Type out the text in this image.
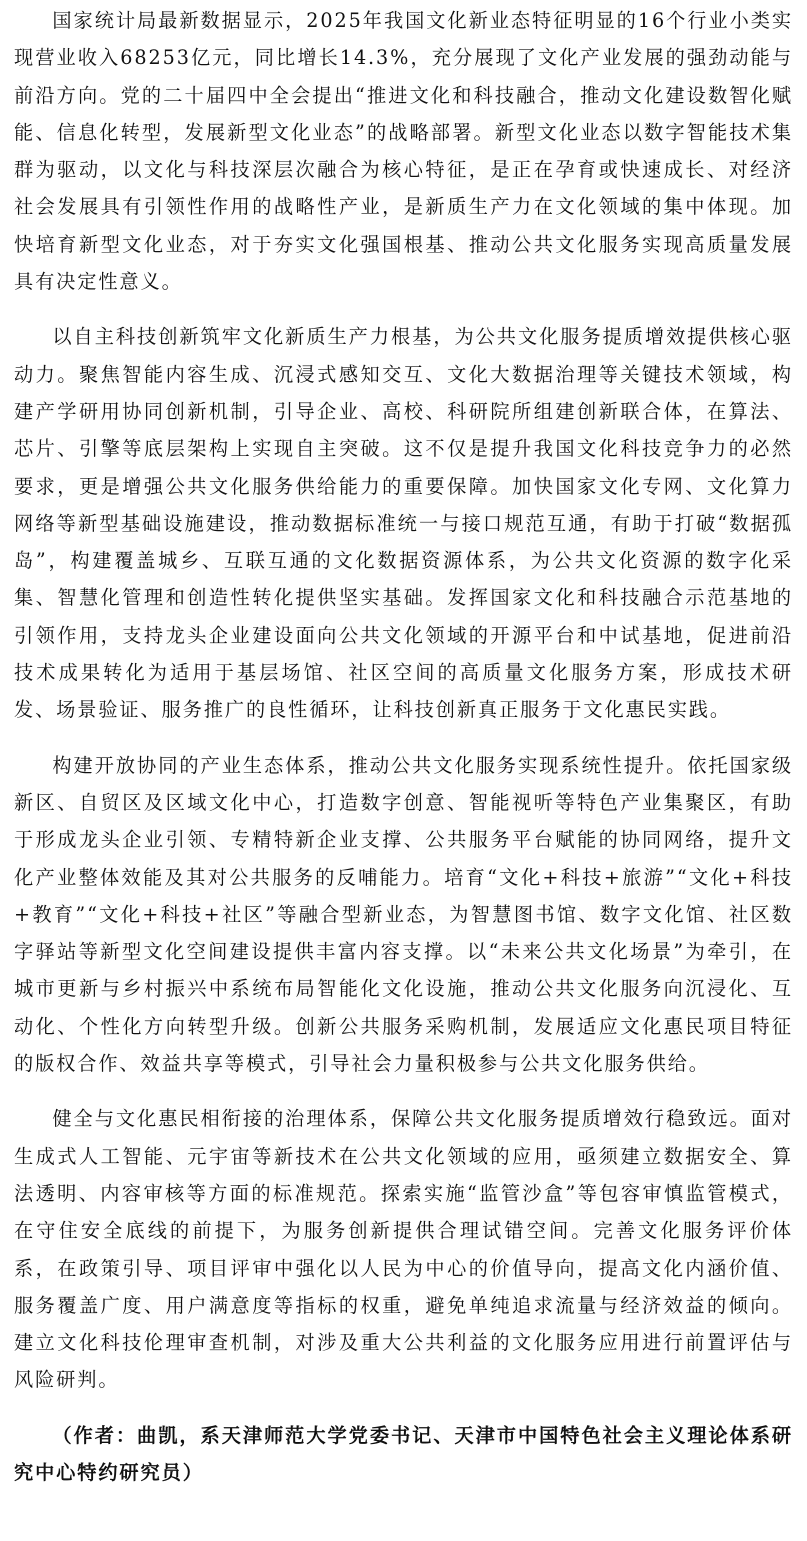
国家统计局最新数据显示，2025年我国文化新业态特征明显的16个行业小类实现营业收入68253亿元，同比增长14.3%，充分展现了文化产业发展的强劲动能与前沿方向。党的二十届四中全会提出“推进文化和科技融合，推动文化建设数智化赋能、信息化转型，发展新型文化业态”的战略部署。新型文化业态以数字智能技术集群为驱动，以文化与科技深层次融合为核心特征，是正在孕育或快速成长、对经济社会发展具有引领性作用的战略性产业，是新质生产力在文化领域的集中体现。加快培育新型文化业态，对于夯实文化强国根基、推动公共文化服务实现高质量发展具有决定性意义。

以自主科技创新筑牢文化新质生产力根基，为公共文化服务提质增效提供核心驱动力。聚焦智能内容生成、沉浸式感知交互、文化大数据治理等关键技术领域，构建产学研用协同创新机制，引导企业、高校、科研院所组建创新联合体，在算法、芯片、引擎等底层架构上实现自主突破。这不仅是提升我国文化科技竞争力的必然要求，更是增强公共文化服务供给能力的重要保障。加快国家文化专网、文化算力网络等新型基础设施建设，推动数据标准统一与接口规范互通，有助于打破“数据孤岛”，构建覆盖城乡、互联互通的文化数据资源体系，为公共文化资源的数字化采集、智慧化管理和创造性转化提供坚实基础。发挥国家文化和科技融合示范基地的引领作用，支持龙头企业建设面向公共文化领域的开源平台和中试基地，促进前沿技术成果转化为适用于基层场馆、社区空间的高质量文化服务方案，形成技术研发、场景验证、服务推广的良性循环，让科技创新真正服务于文化惠民实践。

构建开放协同的产业生态体系，推动公共文化服务实现系统性提升。依托国家级新区、自贸区及区域文化中心，打造数字创意、智能视听等特色产业集聚区，有助于形成龙头企业引领、专精特新企业支撑、公共服务平台赋能的协同网络，提升文化产业整体效能及其对公共服务的反哺能力。培育“文化+科技+旅游”“文化+科技+教育”“文化+科技+社区”等融合型新业态，为智慧图书馆、数字文化馆、社区数字驿站等新型文化空间建设提供丰富内容支撑。以“未来公共文化场景”为牵引，在城市更新与乡村振兴中系统布局智能化文化设施，推动公共文化服务向沉浸化、互动化、个性化方向转型升级。创新公共服务采购机制，发展适应文化惠民项目特征的版权合作、效益共享等模式，引导社会力量积极参与公共文化服务供给。

健全与文化惠民相衔接的治理体系，保障公共文化服务提质增效行稳致远。面对生成式人工智能、元宇宙等新技术在公共文化领域的应用，亟须建立数据安全、算法透明、内容审核等方面的标准规范。探索实施“监管沙盒”等包容审慎监管模式，在守住安全底线的前提下，为服务创新提供合理试错空间。完善文化服务评价体系，在政策引导、项目评审中强化以人民为中心的价值导向，提高文化内涵价值、服务覆盖广度、用户满意度等指标的权重，避免单纯追求流量与经济效益的倾向。建立文化科技伦理审查机制，对涉及重大公共利益的文化服务应用进行前置评估与风险研判。

（作者：曲凯，系天津师范大学党委书记、天津市中国特色社会主义理论体系研究中心特约研究员）
